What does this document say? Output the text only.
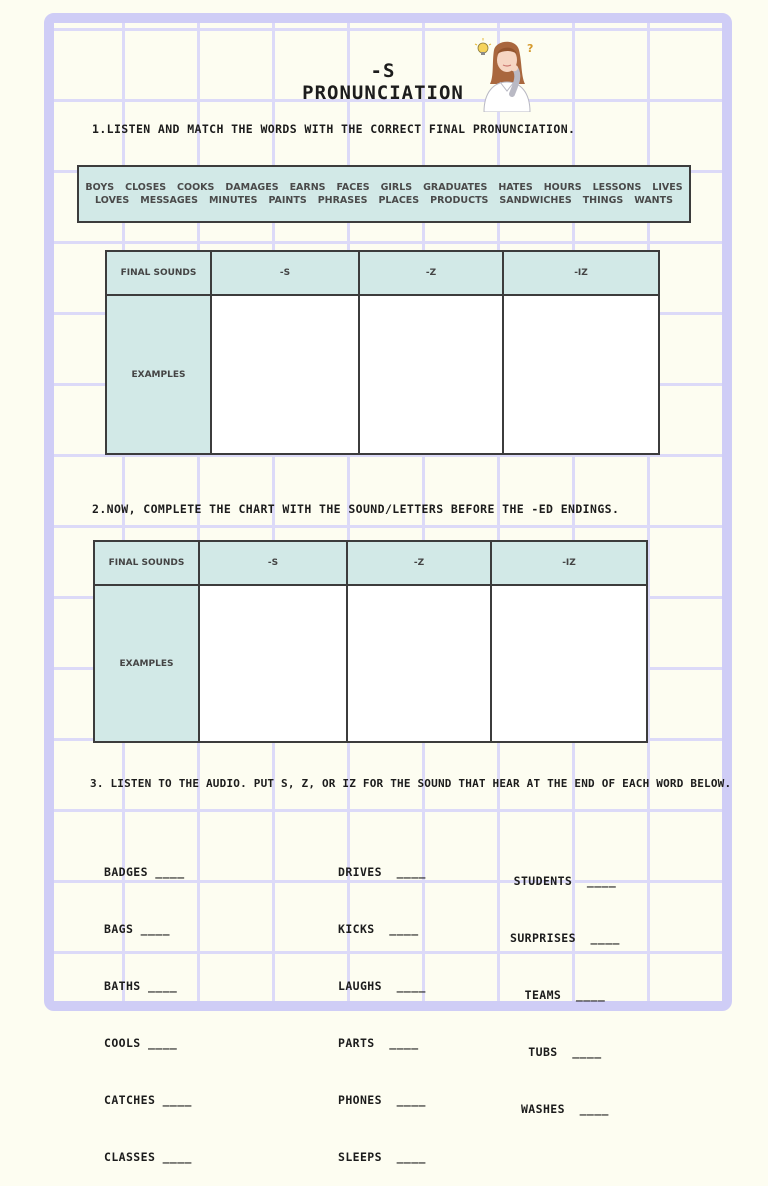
-S PRONUNCIATION
?
1.LISTEN AND MATCH THE WORDS WITH THE CORRECT FINAL PRONUNCIATION.
BOYS CLOSES COOKS DAMAGES EARNS FACES GIRLS GRADUATES HATES HOURS LESSONS LIVES
LOVES MESSAGES MINUTES PAINTS PHRASES PLACES PRODUCTS SANDWICHES THINGS WANTS
FINAL SOUNDS	-S	-Z	-IZ
EXAMPLES			
2.NOW, COMPLETE THE CHART WITH THE SOUND/LETTERS BEFORE THE -ED ENDINGS.
FINAL SOUNDS	-S	-Z	-IZ
EXAMPLES			
3. LISTEN TO THE AUDIO. PUT S, Z, OR IZ FOR THE SOUND THAT HEAR AT THE END OF EACH WORD BELOW.

BADGES ____

BAGS ____

BATHS ____

COOLS ____

CATCHES ____

CLASSES ____

DRIVES  ____

KICKS  ____

LAUGHS  ____

PARTS  ____

PHONES  ____

SLEEPS  ____

STUDENTS  ____

SURPRISES  ____

TEAMS  ____

TUBS  ____

WASHES  ____
